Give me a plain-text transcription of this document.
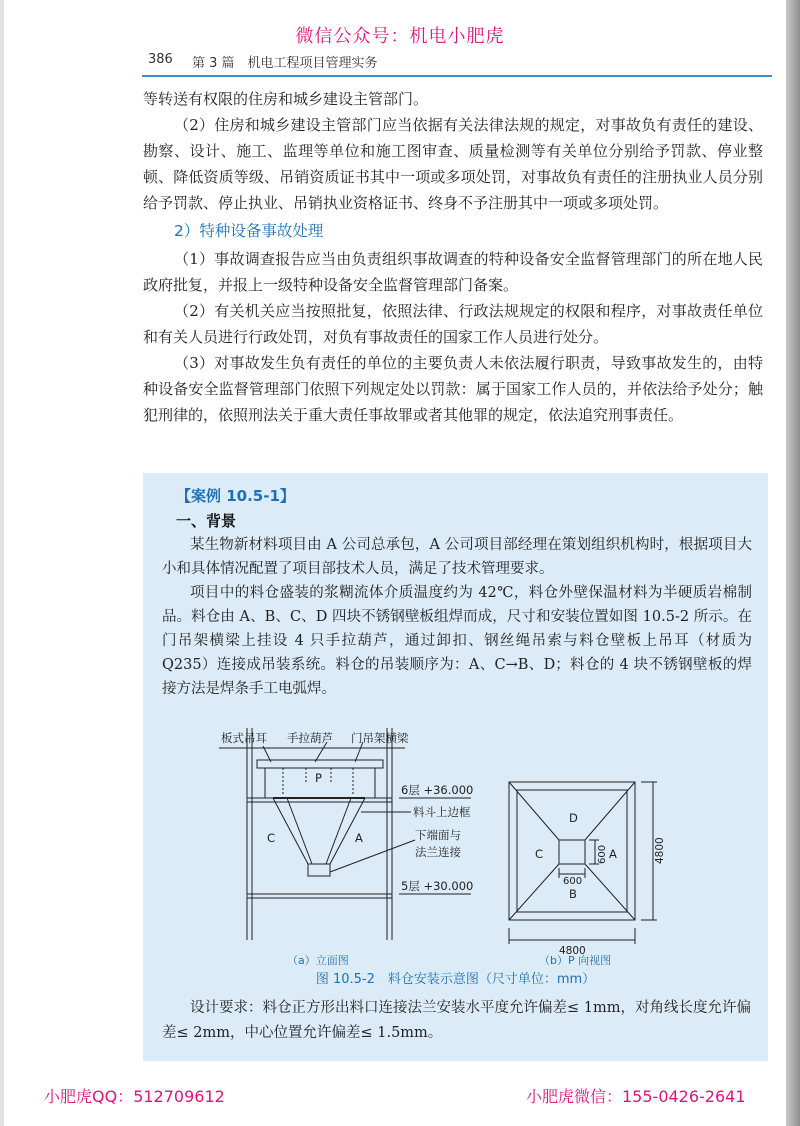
微信公众号：机电小肥虎
386 第 3 篇　机电工程项目管理实务

等转送有权限的住房和城乡建设主管部门。

（2）住房和城乡建设主管部门应当依据有关法律法规的规定，对事故负有责任的建设、勘察、设计、施工、监理等单位和施工图审查、质量检测等有关单位分别给予罚款、停业整顿、降低资质等级、吊销资质证书其中一项或多项处罚，对事故负有责任的注册执业人员分别给予罚款、停止执业、吊销执业资格证书、终身不予注册其中一项或多项处罚。

2）特种设备事故处理

（1）事故调查报告应当由负责组织事故调查的特种设备安全监督管理部门的所在地人民政府批复，并报上一级特种设备安全监督管理部门备案。

（2）有关机关应当按照批复，依照法律、行政法规规定的权限和程序，对事故责任单位和有关人员进行行政处罚，对负有事故责任的国家工作人员进行处分。

（3）对事故发生负有责任的单位的主要负责人未依法履行职责，导致事故发生的，由特种设备安全监督管理部门依照下列规定处以罚款：属于国家工作人员的，并依法给予处分；触犯刑律的，依照刑法关于重大责任事故罪或者其他罪的规定，依法追究刑事责任。

【案例 10.5-1】
一、背景

某生物新材料项目由 A 公司总承包，A 公司项目部经理在策划组织机构时，根据项目大小和具体情况配置了项目部技术人员，满足了技术管理要求。

项目中的料仓盛装的浆糊流体介质温度约为 42℃，料仓外壁保温材料为半硬质岩棉制品。料仓由 A、B、C、D 四块不锈钢壁板组焊而成，尺寸和安装位置如图 10.5-2 所示。在门吊架横梁上挂设 4 只手拉葫芦，通过卸扣、钢丝绳吊索与料仓壁板上吊耳（材质为 Q235）连接成吊装系统。料仓的吊装顺序为：A、C→B、D；料仓的 4 块不锈钢壁板的焊接方法是焊条手工电弧焊。

设计要求：料仓正方形出料口连接法兰安装水平度允许偏差≤ 1mm，对角线长度允许偏差≤ 2mm，中心位置允许偏差≤ 1.5mm。

板式吊耳 手拉葫芦 门吊架横梁
P
6层 +36.000
料斗上边框
下端面与
法兰连接
5层 +30.000
C	A
D
C	A
B
4800
600
4800
600
（a）立面图	（b）P 向视图
图 10.5-2　料仓安装示意图（尺寸单位：mm）
小肥虎QQ：512709612	小肥虎微信：155-0426-2641
